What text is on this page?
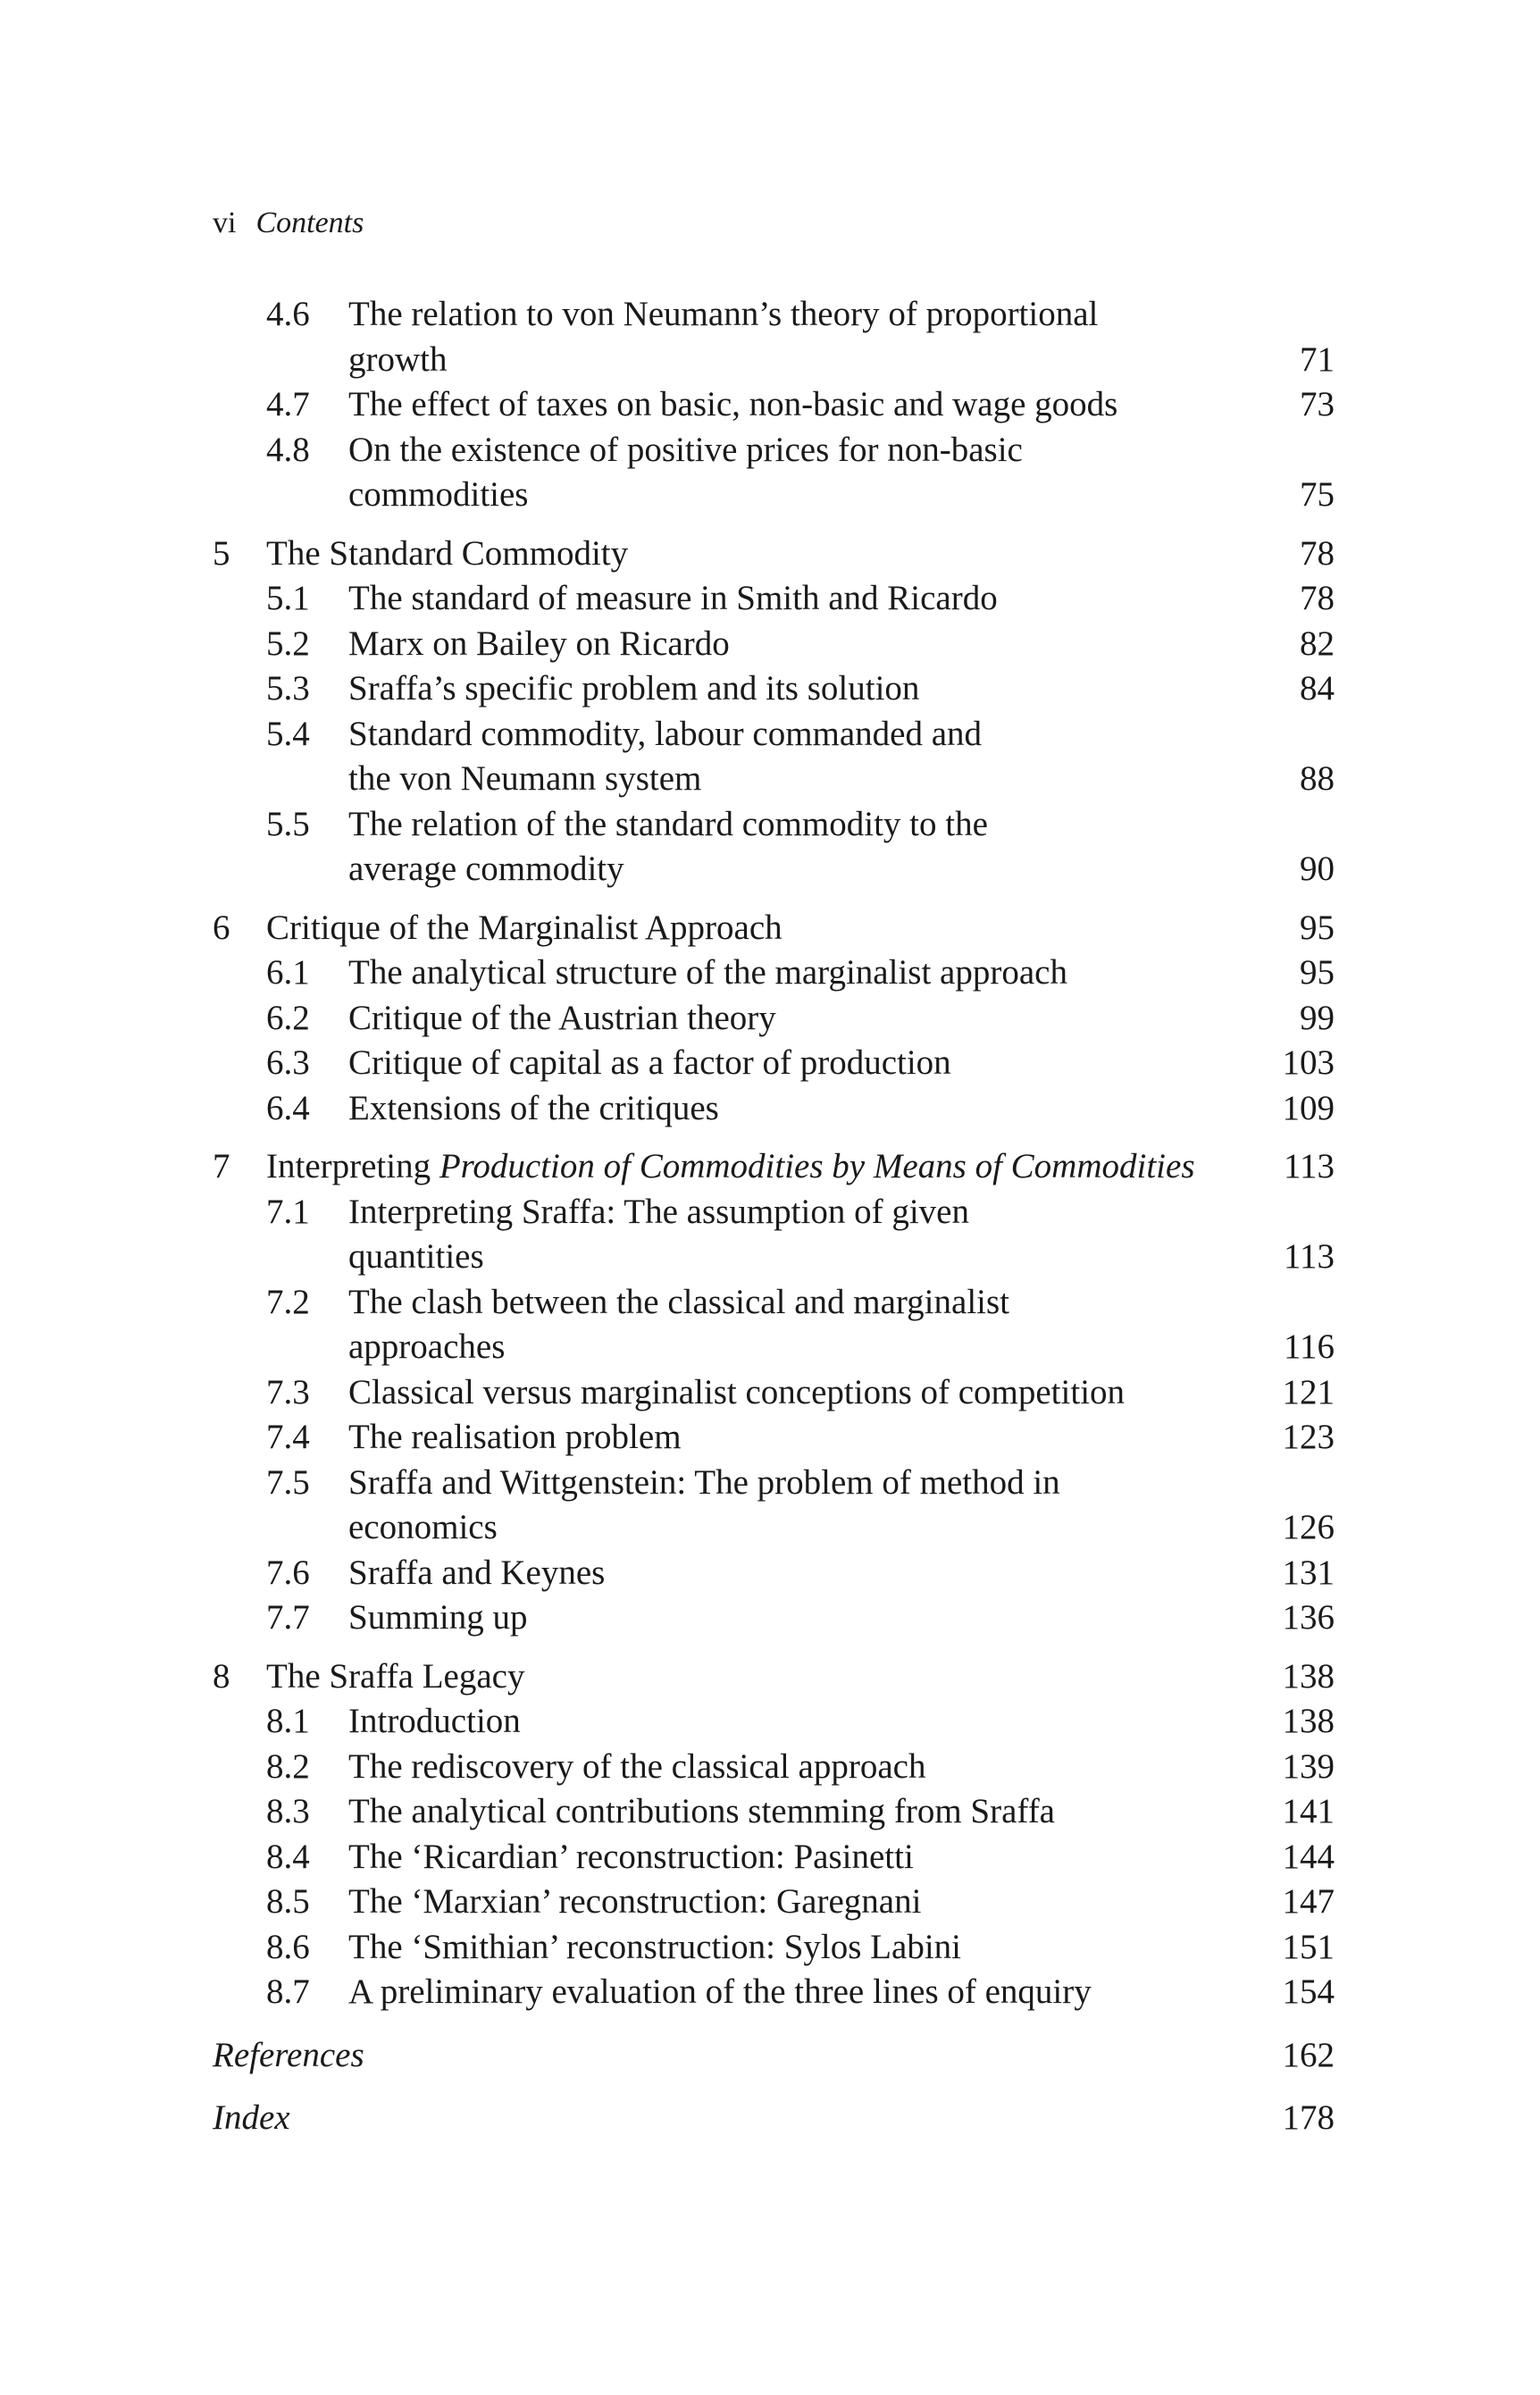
vi Contents
4.6 The relation to von Neumann’s theory of proportional
growth	71
4.7 The effect of taxes on basic, non-basic and wage goods	73
4.8 On the existence of positive prices for non-basic
commodities	75
5 The Standard Commodity	78
5.1 The standard of measure in Smith and Ricardo	78
5.2 Marx on Bailey on Ricardo	82
5.3 Sraffa’s specific problem and its solution	84
5.4 Standard commodity, labour commanded and
the von Neumann system	88
5.5 The relation of the standard commodity to the
average commodity	90
6 Critique of the Marginalist Approach	95
6.1 The analytical structure of the marginalist approach	95
6.2 Critique of the Austrian theory	99
6.3 Critique of capital as a factor of production	103
6.4 Extensions of the critiques	109
7 Interpreting Production of Commodities by Means of Commodities	113
7.1 Interpreting Sraffa: The assumption of given
quantities	113
7.2 The clash between the classical and marginalist
approaches	116
7.3 Classical versus marginalist conceptions of competition	121
7.4 The realisation problem	123
7.5 Sraffa and Wittgenstein: The problem of method in
economics	126
7.6 Sraffa and Keynes	131
7.7 Summing up	136
8 The Sraffa Legacy	138
8.1 Introduction	138
8.2 The rediscovery of the classical approach	139
8.3 The analytical contributions stemming from Sraffa	141
8.4 The ‘Ricardian’ reconstruction: Pasinetti	144
8.5 The ‘Marxian’ reconstruction: Garegnani	147
8.6 The ‘Smithian’ reconstruction: Sylos Labini	151
8.7 A preliminary evaluation of the three lines of enquiry	154
References	162
Index	178
